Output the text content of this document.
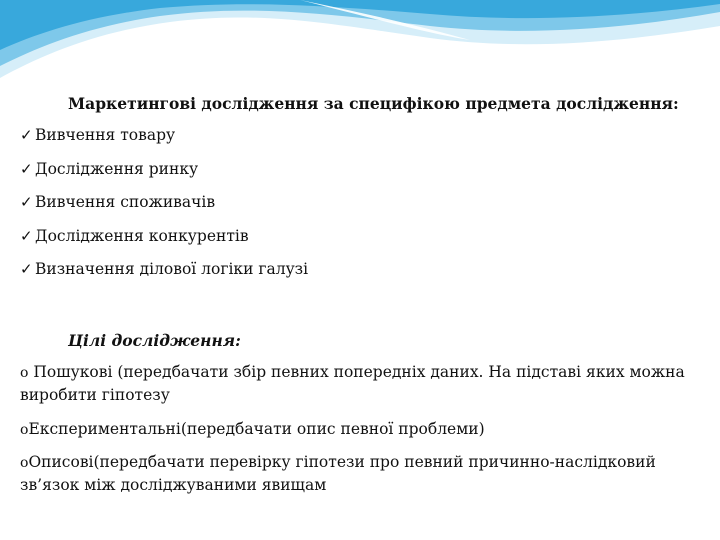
Маркетингові дослідження за специфікою предмета дослідження:
✓ Вивчення товару
✓ Дослідження ринку
✓ Вивчення споживачів
✓ Дослідження конкурентів
✓ Визначення ділової логіки галузі
Цілі дослідження:
o Пошукові (передбачати збір певних попередніх даних. На підставі яких можна виробити гіпотезу
oЕкспериментальні(передбачати опис певної проблеми)
oОписові(передбачати перевірку гіпотези про певний причинно-наслідковий зв’язок між досліджуваними явищам
